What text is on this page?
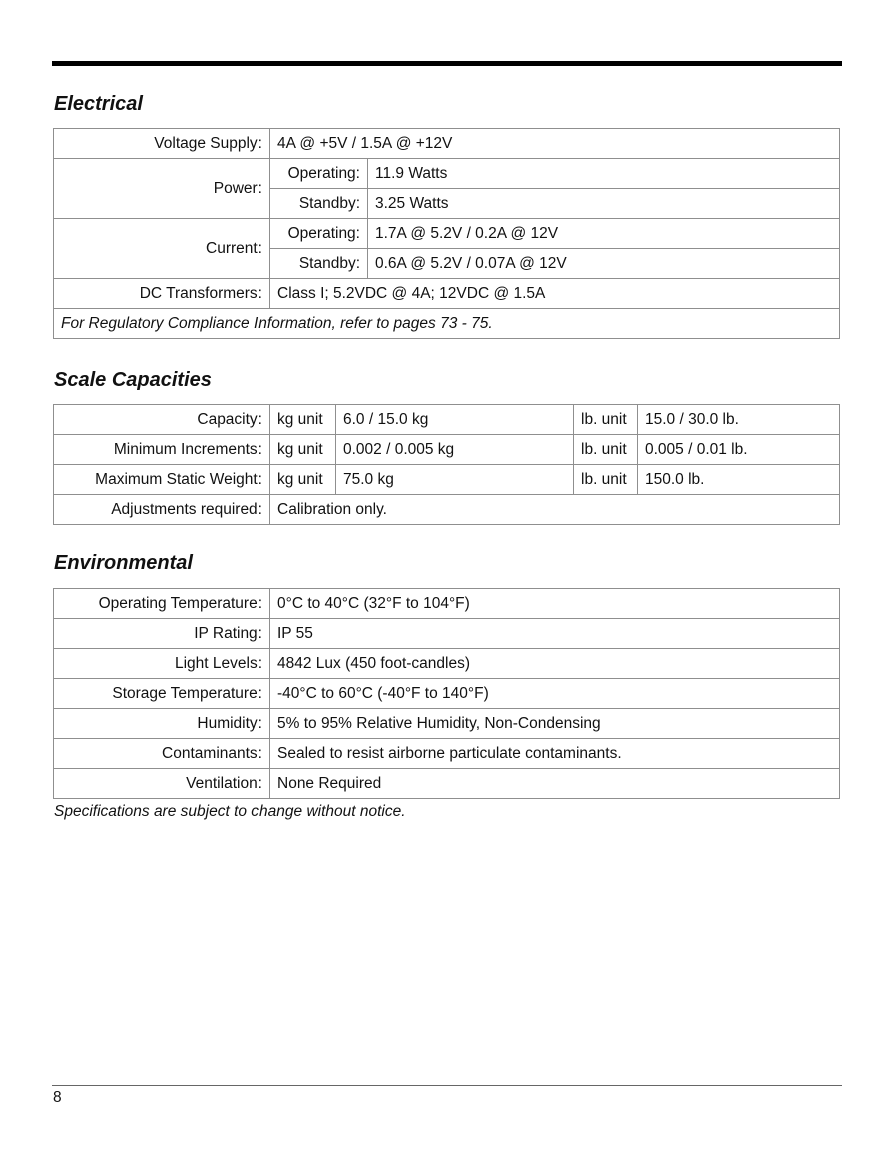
Electrical
Voltage Supply:	4A @ +5V / 1.5A @ +12V	
Power:	Operating:	11.9 Watts
	Standby:	3.25 Watts
Current:	Operating:	1.7A @ 5.2V / 0.2A @ 12V
	Standby:	0.6A @ 5.2V / 0.07A @ 12V
DC Transformers:	Class I; 5.2VDC @ 4A; 12VDC @ 1.5A	
For Regulatory Compliance Information, refer to pages 73 - 75.		
Scale Capacities
Capacity:	kg unit	6.0 / 15.0 kg	lb. unit	15.0 / 30.0 lb.
Minimum Increments:	kg unit	0.002 / 0.005 kg	lb. unit	0.005 / 0.01 lb.
Maximum Static Weight:	kg unit	75.0 kg	lb. unit	150.0 lb.
Adjustments required:	Calibration only.			
Environmental
Operating Temperature:	0°C to 40°C (32°F to 104°F)
IP Rating:	IP 55
Light Levels:	4842 Lux (450 foot-candles)
Storage Temperature:	-40°C to 60°C (-40°F to 140°F)
Humidity:	5% to 95% Relative Humidity, Non-Condensing
Contaminants:	Sealed to resist airborne particulate contaminants.
Ventilation:	None Required
Specifications are subject to change without notice.
8
